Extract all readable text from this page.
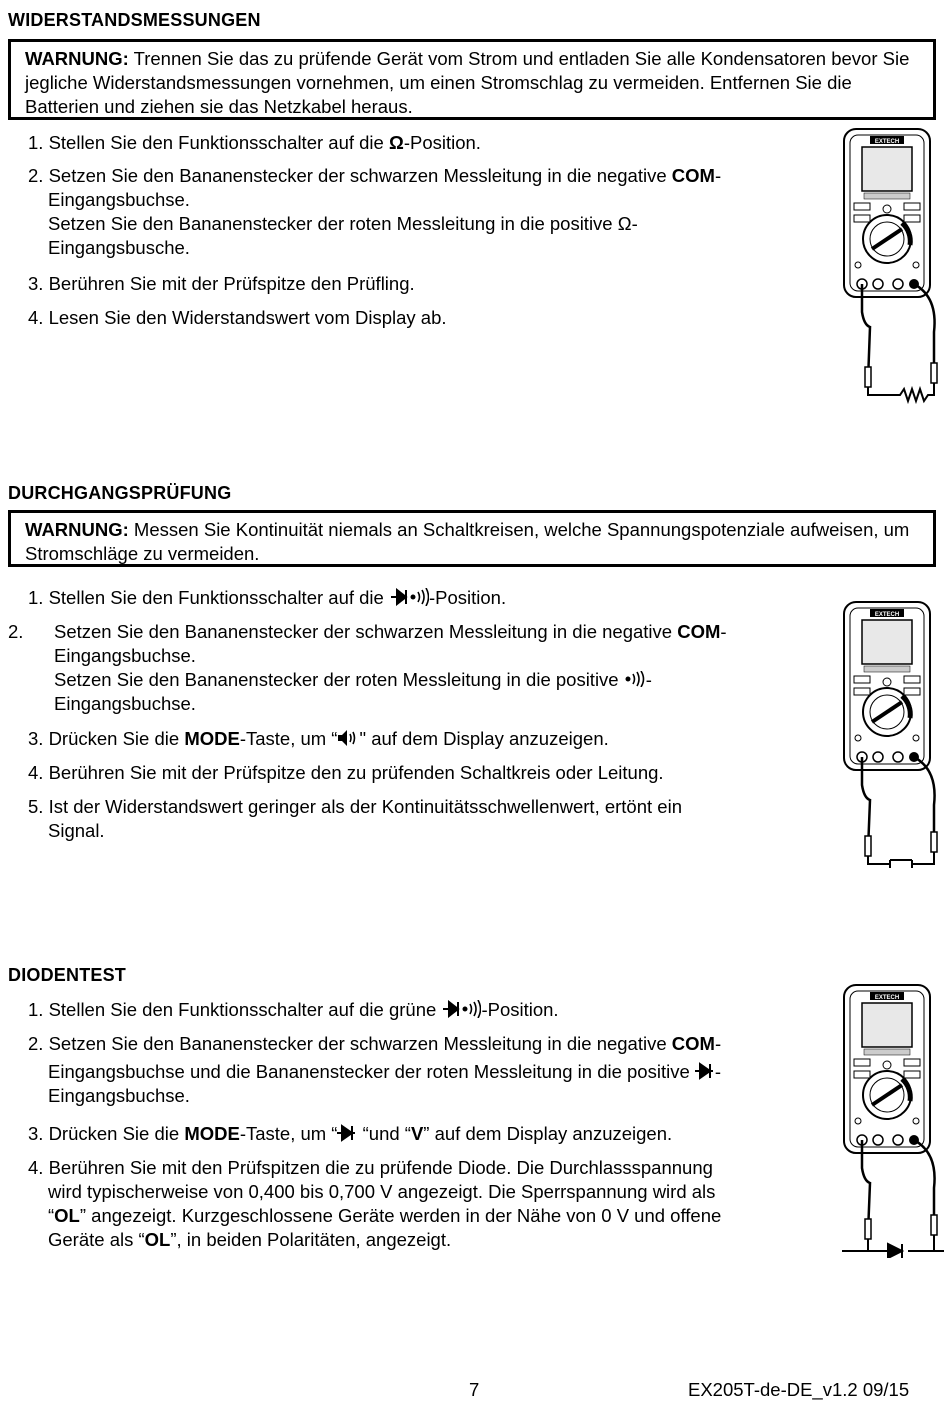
WIDERSTANDSMESSUNGEN
WARNUNG: Trennen Sie das zu prüfende Gerät vom Strom und entladen Sie alle Kondensatoren bevor Sie jegliche Widerstandsmessungen vornehmen, um einen Stromschlag zu vermeiden. Entfernen Sie die Batterien und ziehen sie das Netzkabel heraus.
1. Stellen Sie den Funktionsschalter auf die Ω-Position.
2. Setzen Sie den Bananenstecker der schwarzen Messleitung in die negative COM-
Eingangsbuchse.
Setzen Sie den Bananenstecker der roten Messleitung in die positive Ω-
Eingangsbusche.
3. Berühren Sie mit der Prüfspitze den Prüfling.
4. Lesen Sie den Widerstandswert vom Display ab.
EXTECH
DURCHGANGSPRÜFUNG
WARNUNG: Messen Sie Kontinuität niemals an Schaltkreisen, welche Spannungspotenziale aufweisen, um Stromschläge zu vermeiden.
1. Stellen Sie den Funktionsschalter auf die -Position.
2. Setzen Sie den Bananenstecker der schwarzen Messleitung in die negative COM-
Eingangsbuchse.
Setzen Sie den Bananenstecker der roten Messleitung in die positive -
Eingangsbuchse.
3. Drücken Sie die MODE-Taste, um “ " auf dem Display anzuzeigen.
4. Berühren Sie mit der Prüfspitze den zu prüfenden Schaltkreis oder Leitung.
5. Ist der Widerstandswert geringer als der Kontinuitätsschwellenwert, ertönt ein
Signal.
EXTECH
DIODENTEST
1. Stellen Sie den Funktionsschalter auf die grüne -Position.
2. Setzen Sie den Bananenstecker der schwarzen Messleitung in die negative COM-
Eingangsbuchse und die Bananenstecker der roten Messleitung in die positive -
Eingangsbuchse.
3. Drücken Sie die MODE-Taste, um “ “und “V” auf dem Display anzuzeigen.
4. Berühren Sie mit den Prüfspitzen die zu prüfende Diode. Die Durchlassspannung
wird typischerweise von 0,400 bis 0,700 V angezeigt. Die Sperrspannung wird als
“OL” angezeigt. Kurzgeschlossene Geräte werden in der Nähe von 0 V und offene
Geräte als “OL”, in beiden Polaritäten, angezeigt.
EXTECH
7	EX205T-de-DE_v1.2 09/15
